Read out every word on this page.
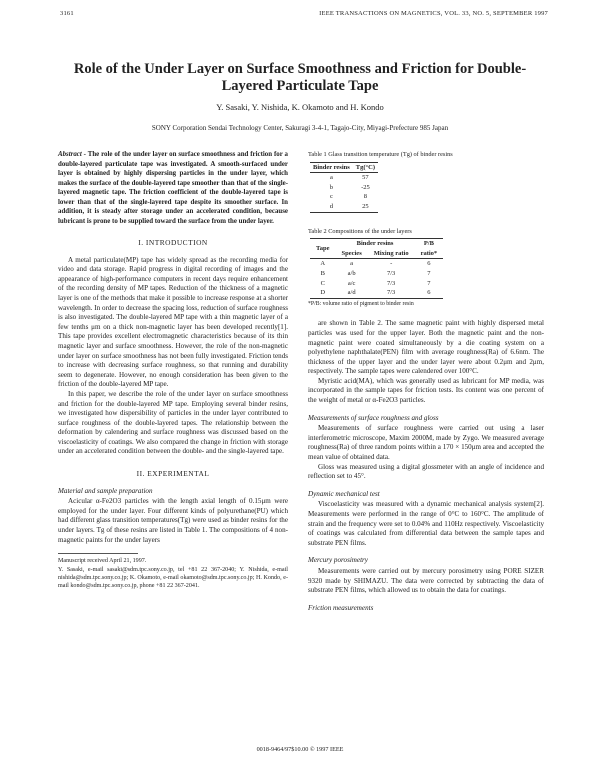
3161	IEEE TRANSACTIONS ON MAGNETICS, VOL. 33, NO. 5, SEPTEMBER 1997
Role of the Under Layer on Surface Smoothness and Friction for Double-Layered Particulate Tape
Y. Sasaki, Y. Nishida, K. Okamoto and H. Kondo
SONY Corporation Sendai Technology Center, Sakuragi 3-4-1, Tagajo-City, Miyagi-Prefecture 985 Japan
Abstract - The role of the under layer on surface smoothness and friction for a double-layered particulate tape was investigated. A smooth-surfaced under layer is obtained by highly dispersing particles in the under layer, which makes the surface of the double-layered tape smoother than that of the single-layered magnetic tape. The friction coefficient of the double-layered tape is lower than that of the single-layered tape despite its smoother surface. In addition, it is steady after storage under an accelerated condition, because lubricant is prone to be supplied toward the surface from the under layer.
I. INTRODUCTION

A metal particulate(MP) tape has widely spread as the recording media for video and data storage. Rapid progress in digital recording of images and the appearance of high-performance computers in recent days require enhancement of the recording density of MP tapes. Reduction of the thickness of a magnetic layer is one of the methods that make it possible to increase response at a shorter wavelength. In order to decrease the spacing loss, reduction of surface roughness is also investigated. The double-layered MP tape with a thin magnetic layer of a few tenths μm on a thick non-magnetic layer has been developed recently[1]. This tape provides excellent electromagnetic characteristics because of its thin magnetic layer and surface smoothness. However, the role of the non-magnetic under layer on surface smoothness has not been fully investigated. Friction tends to increase with decreasing surface roughness, so that running and durability seem to degenerate. However, no enough consideration has been given to the friction of the double-layered MP tape.

In this paper, we describe the role of the under layer on surface smoothness and friction for the double-layered MP tape. Employing several binder resins, we investigated how dispersibility of particles in the under layer contributed to surface roughness of the double-layered tapes. The relationship between the deformation by calendering and surface roughness was discussed based on the viscoelasticity of coatings. We also compared the change in friction with storage under an accelerated condition between the double- and the single-layered tape.

II. EXPERIMENTAL

Material and sample preparation

Acicular α-Fe2O3 particles with the length axial length of 0.15μm were employed for the under layer. Four different kinds of polyurethane(PU) which had different glass transition temperatures(Tg) were used as binder resins for the under layers. Tg of these resins are listed in Table 1. The compositions of 4 non-magnetic paints for the under layers

Manuscript received April 21, 1997.

Y. Sasaki, e-mail sasaki@sdm.tpc.sony.co.jp, tel +81 22 367-2040; Y. Nishida, e-mail nishida@sdm.tpc.sony.co.jp; K. Okamoto, e-mail okamoto@sdm.tpc.sony.co.jp; H. Kondo, e-mail kondo@sdm.tpc.sony.co.jp, phone +81 22 367-2041.

Table 1 Glass transition temperature (Tg) of binder resins

Binder resins	Tg(°C)
a	57
b	-25
c	8
d	25

Table 2 Compositions of the under layers

Tape	Binder resins		P/B
	Species	Mixing ratio	ratio*
A	a	-	6
B	a/b	7/3	7
C	a/c	7/3	7
D	a/d	7/3	6

*P/B: volume ratio of pigment to binder resin

are shown in Table 2. The same magnetic paint with highly dispersed metal particles was used for the upper layer. Both the magnetic paint and the non-magnetic paint were coated simultaneously by a die coating system on a polyethylene naphthalate(PEN) film with average roughness(Ra) of 6.6nm. The thickness of the upper layer and the under layer were about 0.2μm and 2μm, respectively. The sample tapes were calendered over 100°C.

Myristic acid(MA), which was generally used as lubricant for MP media, was incorporated in the sample tapes for friction tests. Its content was one percent of the weight of metal or α-Fe2O3 particles.

Measurements of surface roughness and gloss

Measurements of surface roughness were carried out using a laser interferometric microscope, Maxim 2000M, made by Zygo. We measured average roughness(Ra) of three random points within a 170 × 150μm area and accepted the mean value of obtained data.

Gloss was measured using a digital glossmeter with an angle of incidence and reflection set to 45°.

Dynamic mechanical test

Viscoelasticity was measured with a dynamic mechanical analysis system[2]. Measurements were performed in the range of 0°C to 160°C. The amplitude of strain and the frequency were set to 0.04% and 110Hz respectively. Viscoelasticity of coatings was calculated from differential data between the sample tapes and substrate PEN films.

Mercury porosimetry

Measurements were carried out by mercury porosimetry using PORE SIZER 9320 made by SHIMAZU. The data were corrected by subtracting the data of substrate PEN films, which allowed us to obtain the data for coatings.

Friction measurements

0018-9464/97$10.00 © 1997 IEEE
